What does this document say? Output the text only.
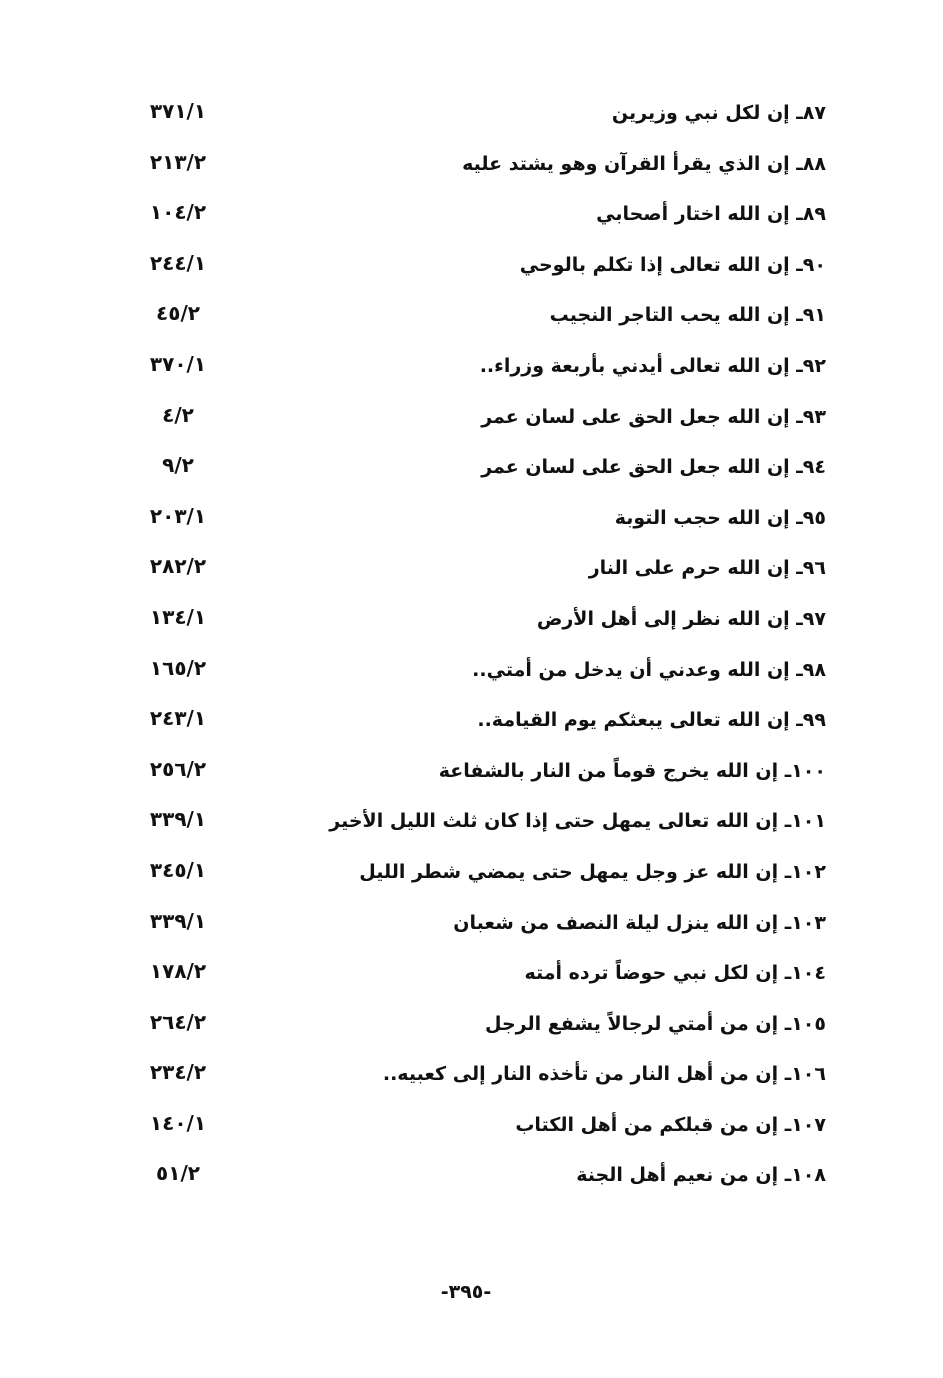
٨٧ـ إن لكل نبي وزيرين
٣٧١/١
٨٨ـ إن الذي يقرأ القرآن وهو يشتد عليه
٢١٣/٢
٨٩ـ إن الله اختار أصحابي
١٠٤/٢
٩٠ـ إن الله تعالى إذا تكلم بالوحي
٢٤٤/١
٩١ـ إن الله يحب التاجر النجيب
٤٥/٢
٩٢ـ إن الله تعالى أيدني بأربعة وزراء..
٣٧٠/١
٩٣ـ إن الله جعل الحق على لسان عمر
٤/٢
٩٤ـ إن الله جعل الحق على لسان عمر
٩/٢
٩٥ـ إن الله حجب التوبة
٢٠٣/١
٩٦ـ إن الله حرم على النار
٢٨٢/٢
٩٧ـ إن الله نظر إلى أهل الأرض
١٣٤/١
٩٨ـ إن الله وعدني أن يدخل من أمتي..
١٦٥/٢
٩٩ـ إن الله تعالى يبعثكم يوم القيامة..
٢٤٣/١
١٠٠ـ إن الله يخرج قوماً من النار بالشفاعة
٢٥٦/٢
١٠١ـ إن الله تعالى يمهل حتى إذا كان ثلث الليل الأخير
٣٣٩/١
١٠٢ـ إن الله عز وجل يمهل حتى يمضي شطر الليل
٣٤٥/١
١٠٣ـ إن الله ينزل ليلة النصف من شعبان
٣٣٩/١
١٠٤ـ إن لكل نبي حوضاً ترده أمته
١٧٨/٢
١٠٥ـ إن من أمتي لرجالاً يشفع الرجل
٢٦٤/٢
١٠٦ـ إن من أهل النار من تأخذه النار إلى كعبيه..
٢٣٤/٢
١٠٧ـ إن من قبلكم من أهل الكتاب
١٤٠/١
١٠٨ـ إن من نعيم أهل الجنة
٥١/٢
-٣٩٥-
